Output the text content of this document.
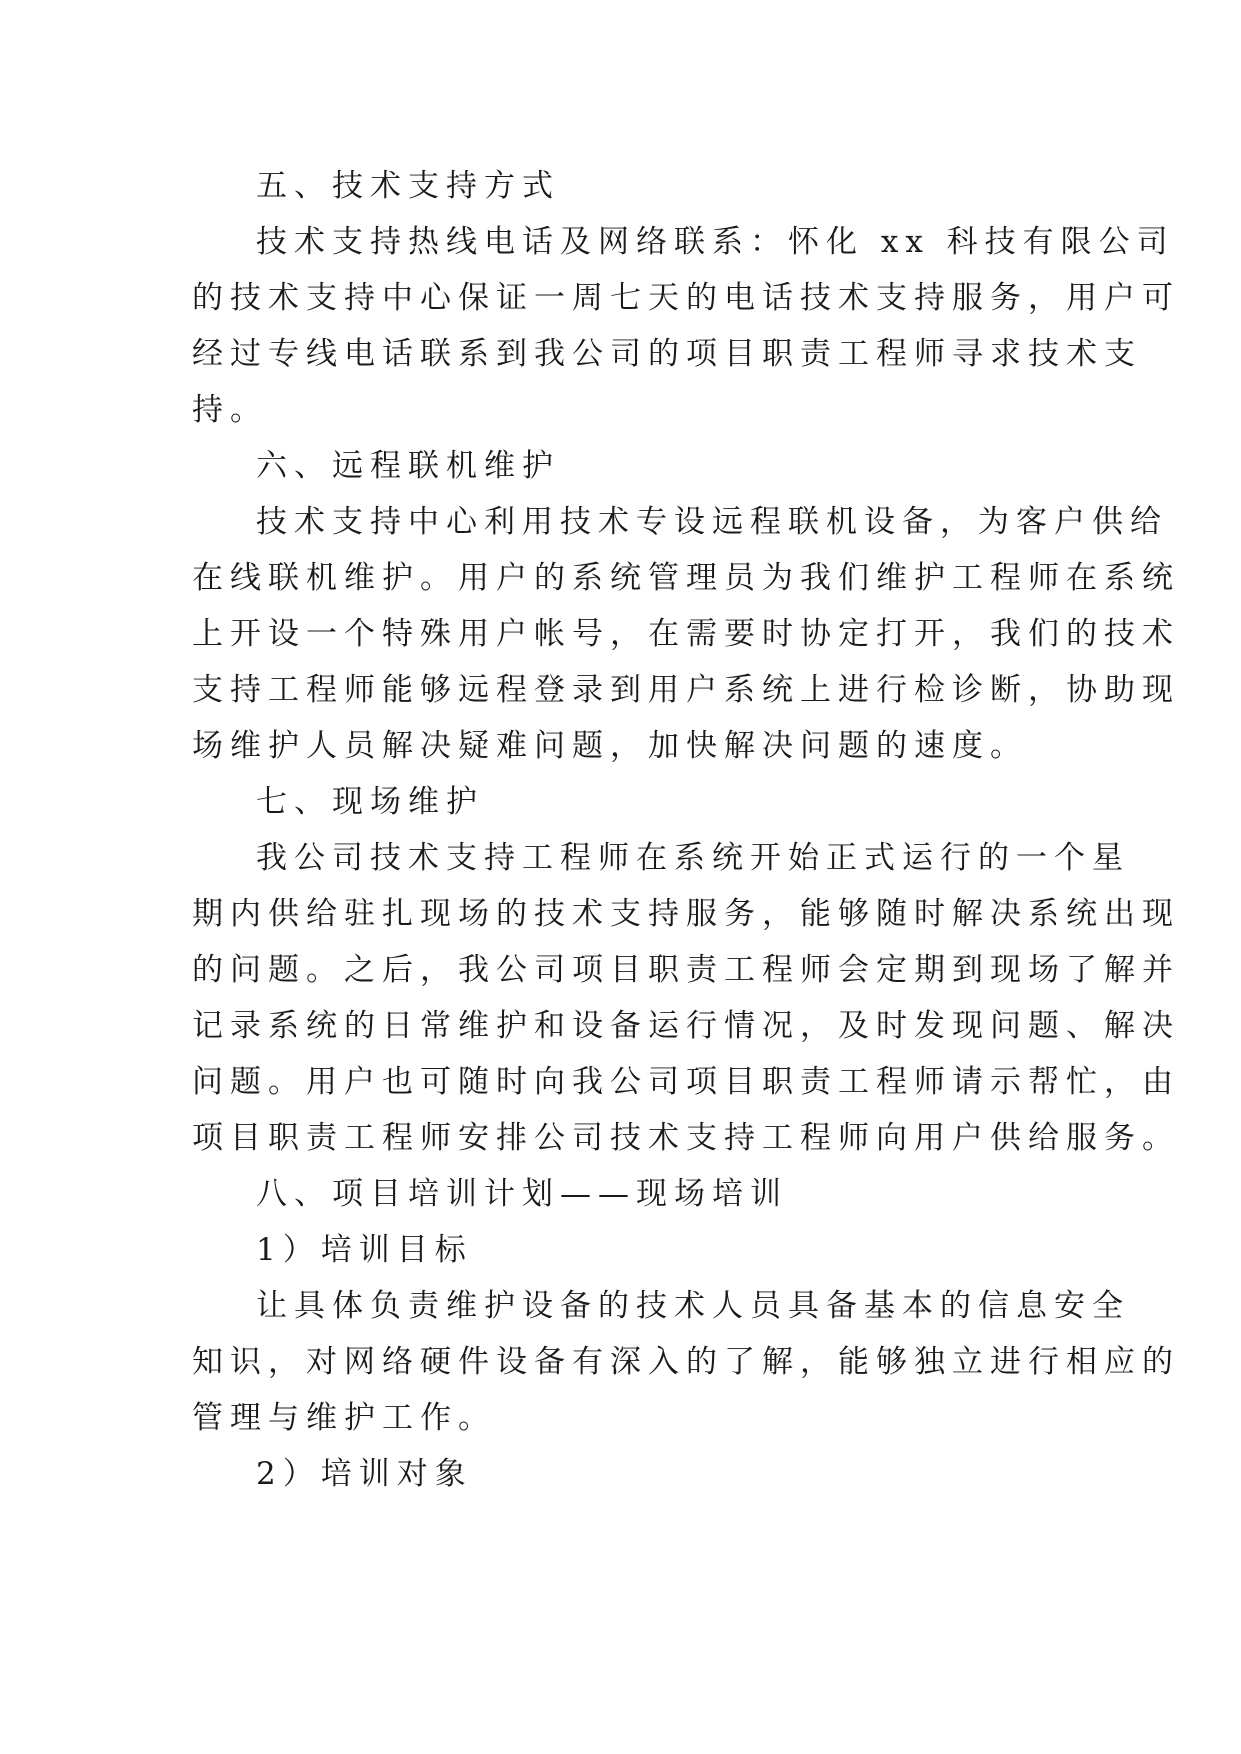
五、技术支持方式
技术支持热线电话及网络联系：怀化 xx 科技有限公司
的技术支持中心保证一周七天的电话技术支持服务，用户可
经过专线电话联系到我公司的项目职责工程师寻求技术支
持。
六、远程联机维护
技术支持中心利用技术专设远程联机设备，为客户供给
在线联机维护。用户的系统管理员为我们维护工程师在系统
上开设一个特殊用户帐号，在需要时协定打开，我们的技术
支持工程师能够远程登录到用户系统上进行检诊断，协助现
场维护人员解决疑难问题，加快解决问题的速度。
七、现场维护
我公司技术支持工程师在系统开始正式运行的一个星
期内供给驻扎现场的技术支持服务，能够随时解决系统出现
的问题。之后，我公司项目职责工程师会定期到现场了解并
记录系统的日常维护和设备运行情况，及时发现问题、解决
问题。用户也可随时向我公司项目职责工程师请示帮忙，由
项目职责工程师安排公司技术支持工程师向用户供给服务。
八、项目培训计划——现场培训
1）培训目标
让具体负责维护设备的技术人员具备基本的信息安全
知识，对网络硬件设备有深入的了解，能够独立进行相应的
管理与维护工作。
2）培训对象
